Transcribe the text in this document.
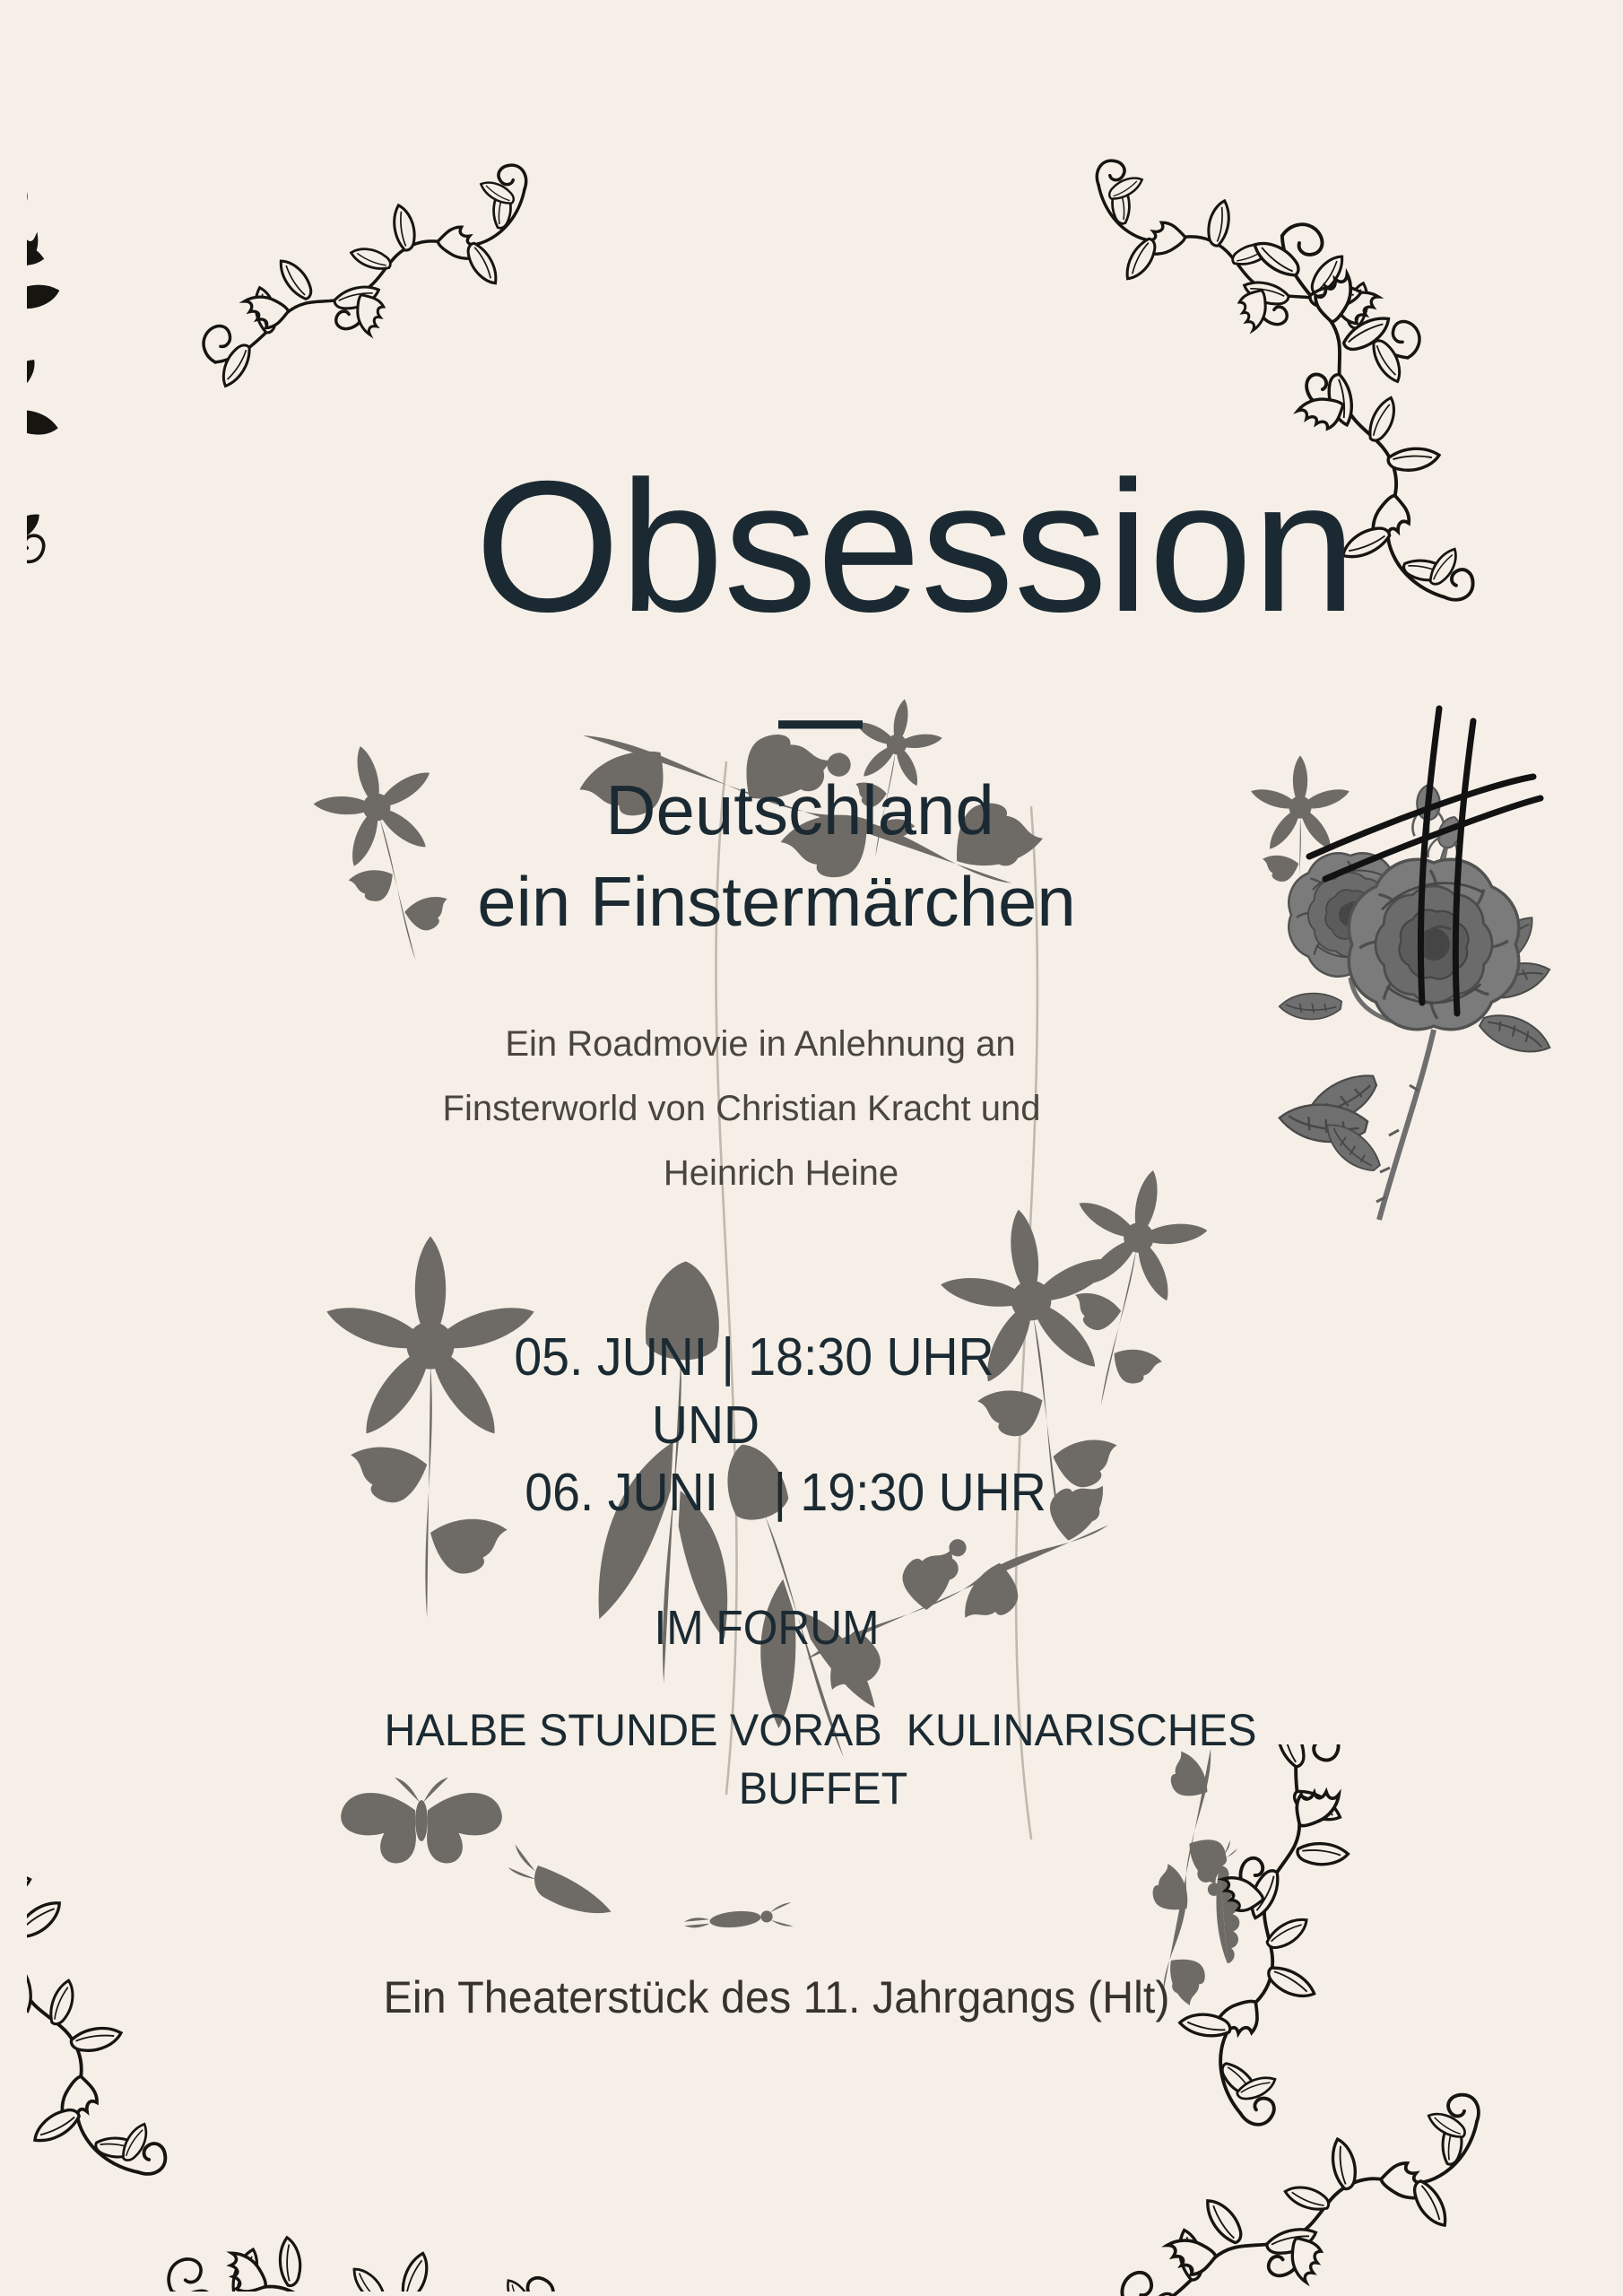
Obsession
—
Deutschland
ein Finstermärchen
Ein Roadmovie in Anlehnung an
Finsterworld von Christian Kracht und
Heinrich Heine
05. JUNI | 18:30 UHR
UND
06. JUNI    | 19:30 UHR
IM FORUM
HALBE STUNDE VORAB  KULINARISCHES
BUFFET
Ein Theaterstück des 11. Jahrgangs (Hlt)
